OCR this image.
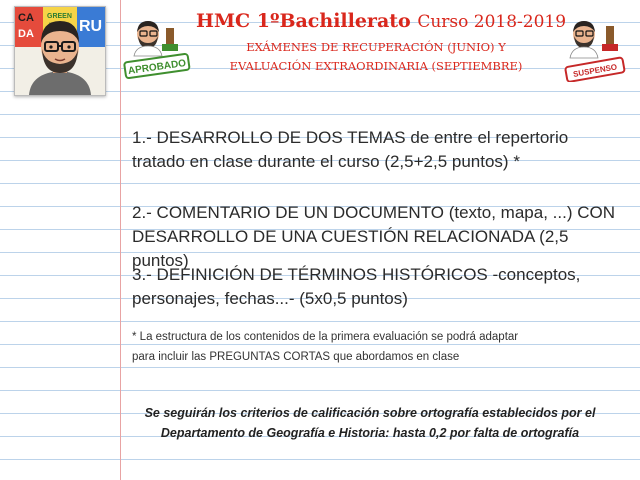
CA
DA
GREEN
RU
APROBADO
HMC 1ºBachillerato Curso 2018-2019
EXÁMENES DE RECUPERACIÓN (JUNIO) Y
EVALUACIÓN EXTRAORDINARIA (SEPTIEMBRE)	SUSPENSO
1.- DESARROLLO DE DOS TEMAS de entre el repertorio
tratado en clase durante el curso (2,5+2,5 puntos) *
2.- COMENTARIO DE UN DOCUMENTO (texto, mapa, ...) CON
DESARROLLO DE UNA CUESTIÓN RELACIONADA (2,5 puntos)
3.- DEFINICIÓN DE TÉRMINOS HISTÓRICOS -conceptos,
personajes, fechas...- (5x0,5 puntos)
* La estructura de los contenidos de la primera evaluación se podrá adaptar
para incluir las PREGUNTAS CORTAS que abordamos en clase
Se seguirán los criterios de calificación sobre ortografía establecidos por el
Departamento de Geografía e Historia: hasta 0,2 por falta de ortografía
